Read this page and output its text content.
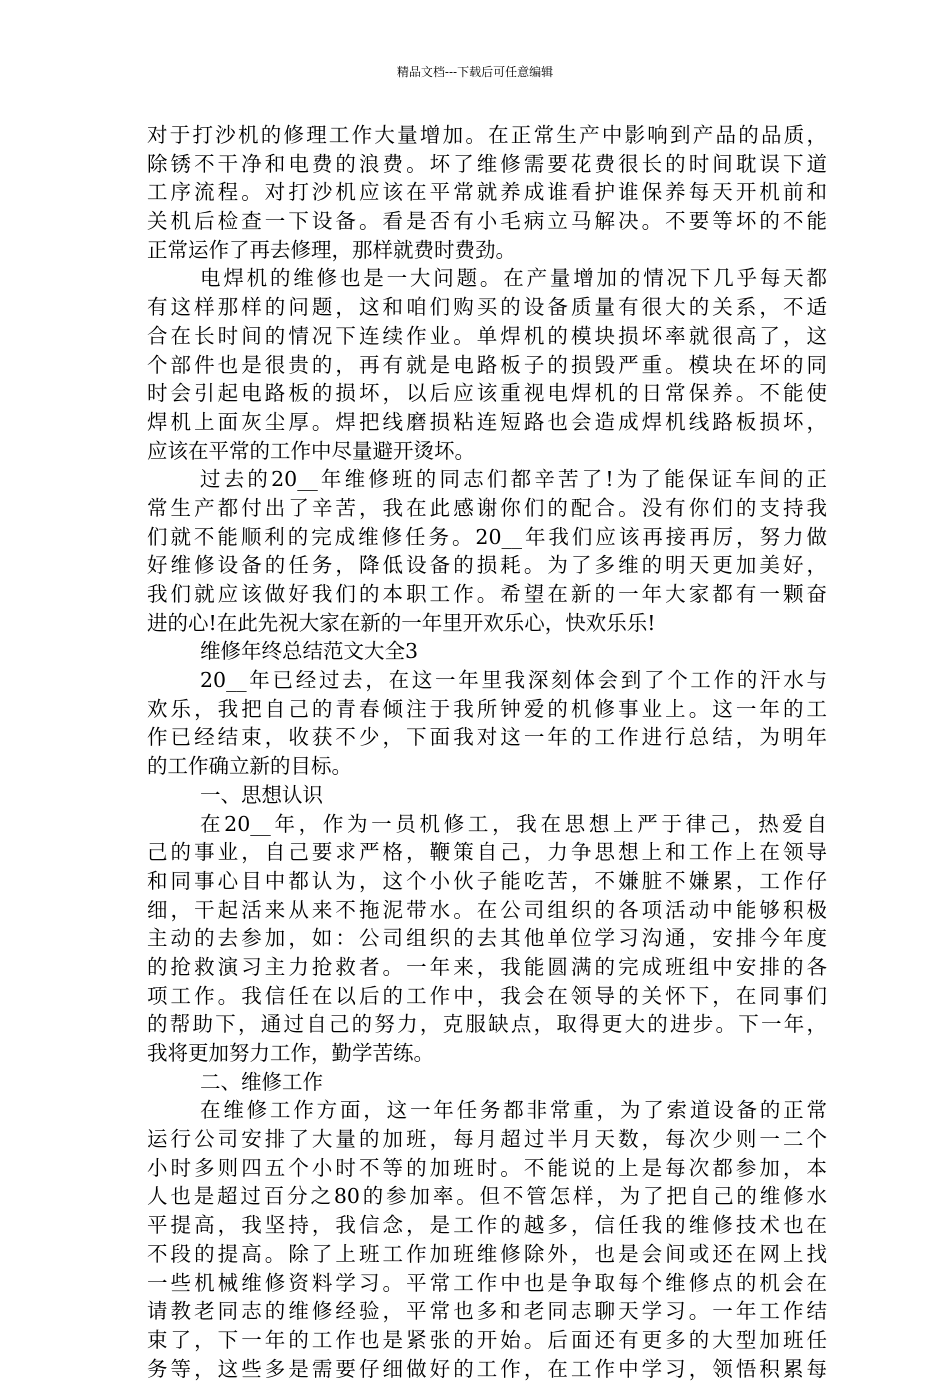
精品文档---下载后可任意编辑
对于打沙机的修理工作大量增加。在正常生产中影响到产品的品质，
除锈不干净和电费的浪费。坏了维修需要花费很长的时间耽误下道
工序流程。对打沙机应该在平常就养成谁看护谁保养每天开机前和
关机后检查一下设备。看是否有小毛病立马解决。不要等坏的不能
正常运作了再去修理，那样就费时费劲。
电焊机的维修也是一大问题。在产量增加的情况下几乎每天都
有这样那样的问题，这和咱们购买的设备质量有很大的关系，不适
合在长时间的情况下连续作业。单焊机的模块损坏率就很高了，这
个部件也是很贵的，再有就是电路板子的损毁严重。模块在坏的同
时会引起电路板的损坏，以后应该重视电焊机的日常保养。不能使
焊机上面灰尘厚。焊把线磨损粘连短路也会造成焊机线路板损坏，
应该在平常的工作中尽量避开烫坏。
过去的20__年维修班的同志们都辛苦了!为了能保证车间的正
常生产都付出了辛苦，我在此感谢你们的配合。没有你们的支持我
们就不能顺利的完成维修任务。20__年我们应该再接再厉，努力做
好维修设备的任务，降低设备的损耗。为了多维的明天更加美好，
我们就应该做好我们的本职工作。希望在新的一年大家都有一颗奋
进的心!在此先祝大家在新的一年里开欢乐心，快欢乐乐!
维修年终总结范文大全3
20__年已经过去，在这一年里我深刻体会到了个工作的汗水与
欢乐，我把自己的青春倾注于我所钟爱的机修事业上。这一年的工
作已经结束，收获不少，下面我对这一年的工作进行总结，为明年
的工作确立新的目标。
一、思想认识
在20__年，作为一员机修工，我在思想上严于律己，热爱自
己的事业，自己要求严格，鞭策自己，力争思想上和工作上在领导
和同事心目中都认为，这个小伙子能吃苦，不嫌脏不嫌累，工作仔
细，干起活来从来不拖泥带水。在公司组织的各项活动中能够积极
主动的去参加，如：公司组织的去其他单位学习沟通，安排今年度
的抢救演习主力抢救者。一年来，我能圆满的完成班组中安排的各
项工作。我信任在以后的工作中，我会在领导的关怀下，在同事们
的帮助下，通过自己的努力，克服缺点，取得更大的进步。下一年，
我将更加努力工作，勤学苦练。
二、维修工作
在维修工作方面，这一年任务都非常重，为了索道设备的正常
运行公司安排了大量的加班，每月超过半月天数，每次少则一二个
小时多则四五个小时不等的加班时。不能说的上是每次都参加，本
人也是超过百分之80的参加率。但不管怎样，为了把自己的维修水
平提高，我坚持，我信念，是工作的越多，信任我的维修技术也在
不段的提高。除了上班工作加班维修除外，也是会间或还在网上找
一些机械维修资料学习。平常工作中也是争取每个维修点的机会在
请教老同志的维修经验，平常也多和老同志聊天学习。一年工作结
束了，下一年的工作也是紧张的开始。后面还有更多的大型加班任
务等，这些多是需要仔细做好的工作，在工作中学习，领悟积累每
